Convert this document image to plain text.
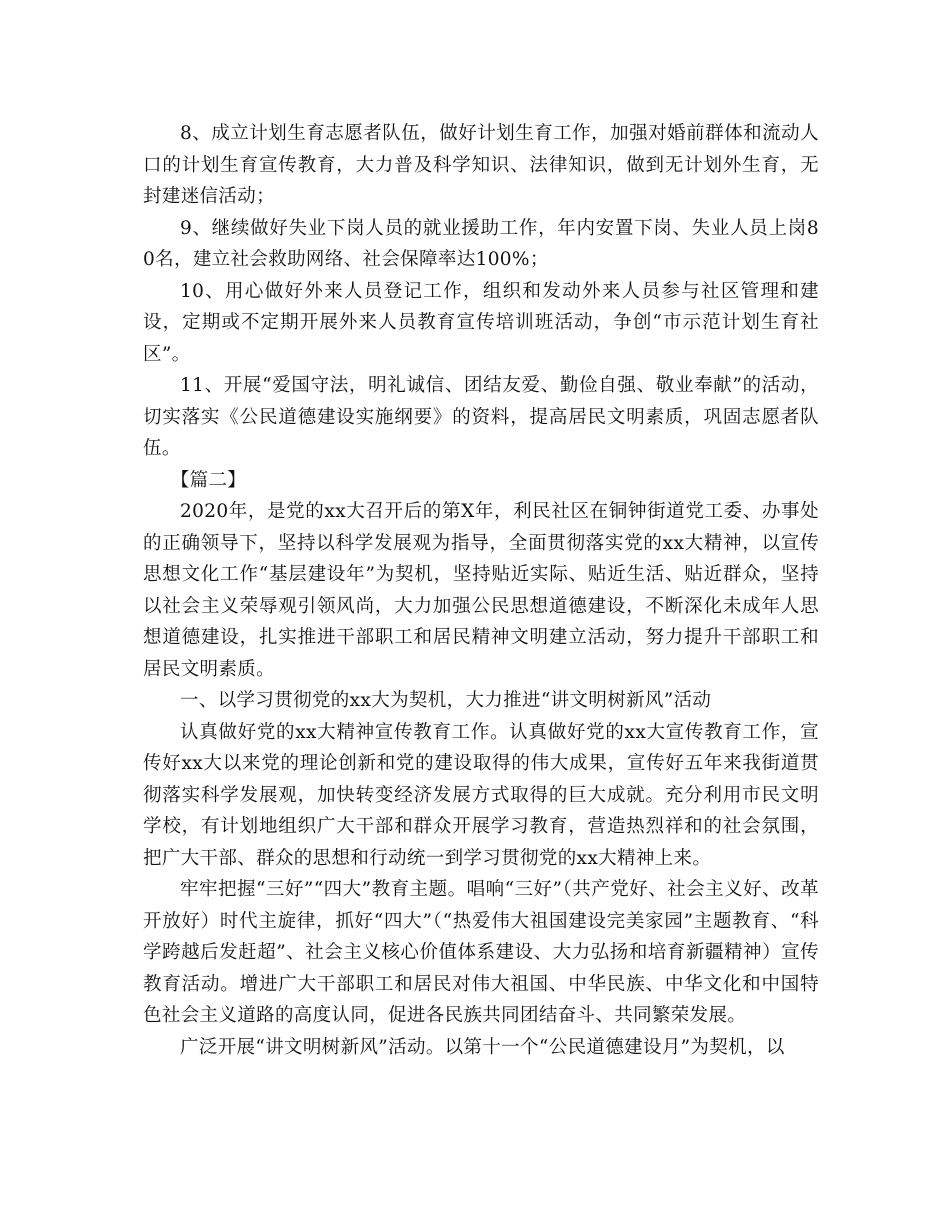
8、成立计划生育志愿者队伍，做好计划生育工作，加强对婚前群体和流动人口的计划生育宣传教育，大力普及科学知识、法律知识，做到无计划外生育，无封建迷信活动；

9、继续做好失业下岗人员的就业援助工作，年内安置下岗、失业人员上岗80名，建立社会救助网络、社会保障率达100%；

10、用心做好外来人员登记工作，组织和发动外来人员参与社区管理和建设，定期或不定期开展外来人员教育宣传培训班活动，争创“市示范计划生育社区”。

11、开展“爱国守法，明礼诚信、团结友爱、勤俭自强、敬业奉献”的活动，切实落实《公民道德建设实施纲要》的资料，提高居民文明素质，巩固志愿者队伍。

【篇二】

2020年，是党的xx大召开后的第X年，利民社区在铜钟街道党工委、办事处的正确领导下，坚持以科学发展观为指导，全面贯彻落实党的xx大精神，以宣传思想文化工作“基层建设年”为契机，坚持贴近实际、贴近生活、贴近群众，坚持以社会主义荣辱观引领风尚，大力加强公民思想道德建设，不断深化未成年人思想道德建设，扎实推进干部职工和居民精神文明建立活动，努力提升干部职工和居民文明素质。

一、以学习贯彻党的xx大为契机，大力推进“讲文明树新风”活动

认真做好党的xx大精神宣传教育工作。认真做好党的xx大宣传教育工作，宣传好xx大以来党的理论创新和党的建设取得的伟大成果，宣传好五年来我街道贯彻落实科学发展观，加快转变经济发展方式取得的巨大成就。充分利用市民文明学校，有计划地组织广大干部和群众开展学习教育，营造热烈祥和的社会氛围，把广大干部、群众的思想和行动统一到学习贯彻党的xx大精神上来。

牢牢把握“三好”“四大”教育主题。唱响“三好”（共产党好、社会主义好、改革开放好）时代主旋律，抓好“四大”（“热爱伟大祖国建设完美家园”主题教育、“科学跨越后发赶超”、社会主义核心价值体系建设、大力弘扬和培育新疆精神）宣传教育活动。增进广大干部职工和居民对伟大祖国、中华民族、中华文化和中国特色社会主义道路的高度认同，促进各民族共同团结奋斗、共同繁荣发展。

广泛开展“讲文明树新风”活动。以第十一个“公民道德建设月”为契机，以
